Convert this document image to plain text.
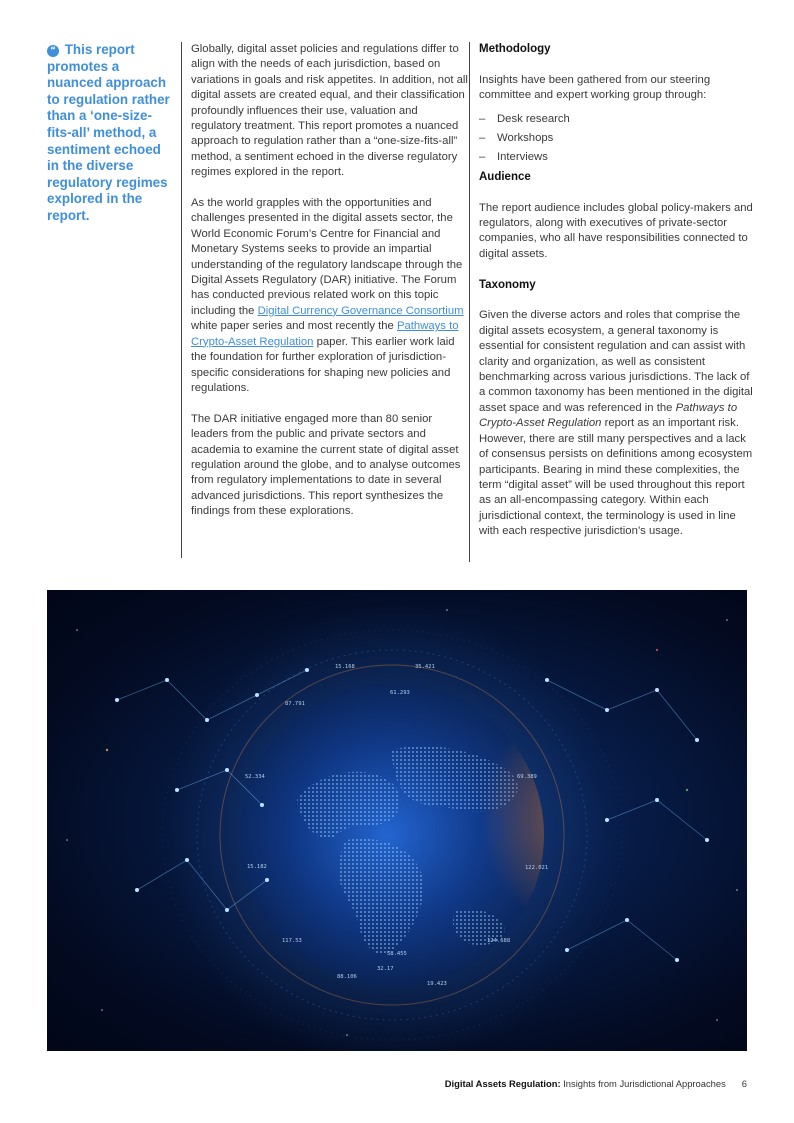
“ This report promotes a nuanced approach to regulation rather than a ‘one-size-fits-all’ method, a sentiment echoed in the diverse regulatory regimes explored in the report.

Globally, digital asset policies and regulations differ to align with the needs of each jurisdiction, based on variations in goals and risk appetites. In addition, not all digital assets are created equal, and their classification profoundly influences their use, valuation and regulatory treatment. This report promotes a nuanced approach to regulation rather than a “one-size-fits-all” method, a sentiment echoed in the diverse regulatory regimes explored in the report.

As the world grapples with the opportunities and challenges presented in the digital assets sector, the World Economic Forum’s Centre for Financial and Monetary Systems seeks to provide an impartial understanding of the regulatory landscape through the Digital Assets Regulatory (DAR) initiative. The Forum has conducted previous related work on this topic including the Digital Currency Governance Consortium white paper series and most recently the Pathways to Crypto-Asset Regulation paper. This earlier work laid the foundation for further exploration of jurisdiction-specific considerations for shaping new policies and regulations.

The DAR initiative engaged more than 80 senior leaders from the public and private sectors and academia to examine the current state of digital asset regulation around the globe, and to analyse outcomes from regulatory implementations to date in several advanced jurisdictions. This report synthesizes the findings from these explorations.

Methodology

Insights have been gathered from our steering committee and expert working group through:

– Desk research
– Workshops
– Interviews
Audience

The report audience includes global policy-makers and regulators, along with executives of private-sector companies, who all have responsibilities connected to digital assets.

Taxonomy

Given the diverse actors and roles that comprise the digital assets ecosystem, a general taxonomy is essential for consistent regulation and can assist with clarity and organization, as well as consistent benchmarking across various jurisdictions. The lack of a common taxonomy has been mentioned in the digital asset space and was referenced in the Pathways to Crypto-Asset Regulation report as an important risk. However, there are still many perspectives and a lack of consensus persists on definitions among ecosystem participants. Bearing in mind these complexities, the term “digital asset” will be used throughout this report as an all-encompassing category. Within each jurisdictional context, the terminology is used in line with each respective jurisdiction’s usage.

15.168
61.293
87.791
35.421
69.389
52.334
15.182	122.021
117.53
58.455
124.688
19.423
88.106
32.17
Digital Assets Regulation: Insights from Jurisdictional Approaches 6
